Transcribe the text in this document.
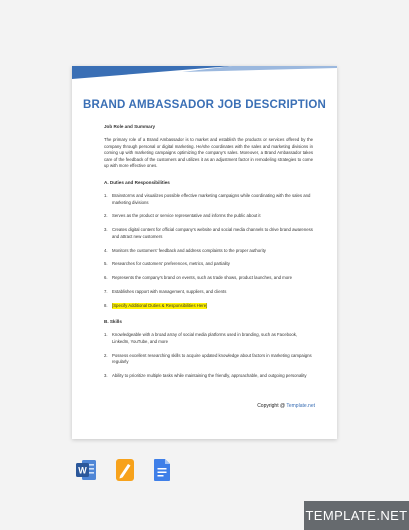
BRAND AMBASSADOR JOB DESCRIPTION
Job Role and Summary
The primary role of a Brand Ambassador is to market and establish the products or services offered by the company through personal or digital marketing. He/she coordinates with the sales and marketing divisions in coming up with marketing campaigns optimizing the company's sales. Moreover, a Brand Ambassador takes care of the feedback of the customers and utilizes it as an adjustment factor in remodeling strategies to come up with more effective ones.
A. Duties and Responsibilities
1.	Brainstorms and visualizes possible effective marketing campaigns while coordinating with the sales and marketing divisions
2.	Serves as the product or service representative and informs the public about it
3.	Creates digital content for official company's website and social media channels to drive brand awareness and attract new customers
4.	Monitors the customers' feedback and address complaints to the proper authority
5.	Researches for customers' preferences, metrics, and partiality
6.	Represents the company's brand on events, such as trade shows, product launches, and more
7.	Establishes rapport with management, suppliers, and clients
8.	[Specify Additional Duties & Responsibilities Here]
B. Skills
1.	Knowledgeable with a broad array of social media platforms used in branding, such as Facebook, LinkedIn, YouTube, and more
2.	Possess excellent researching skills to acquire updated knowledge about factors in marketing campaigns regularly
3.	Ability to prioritize multiple tasks while maintaining the friendly, approachable, and outgoing personality
Copyright @ Template.net
W
TEMPLATE.NET
